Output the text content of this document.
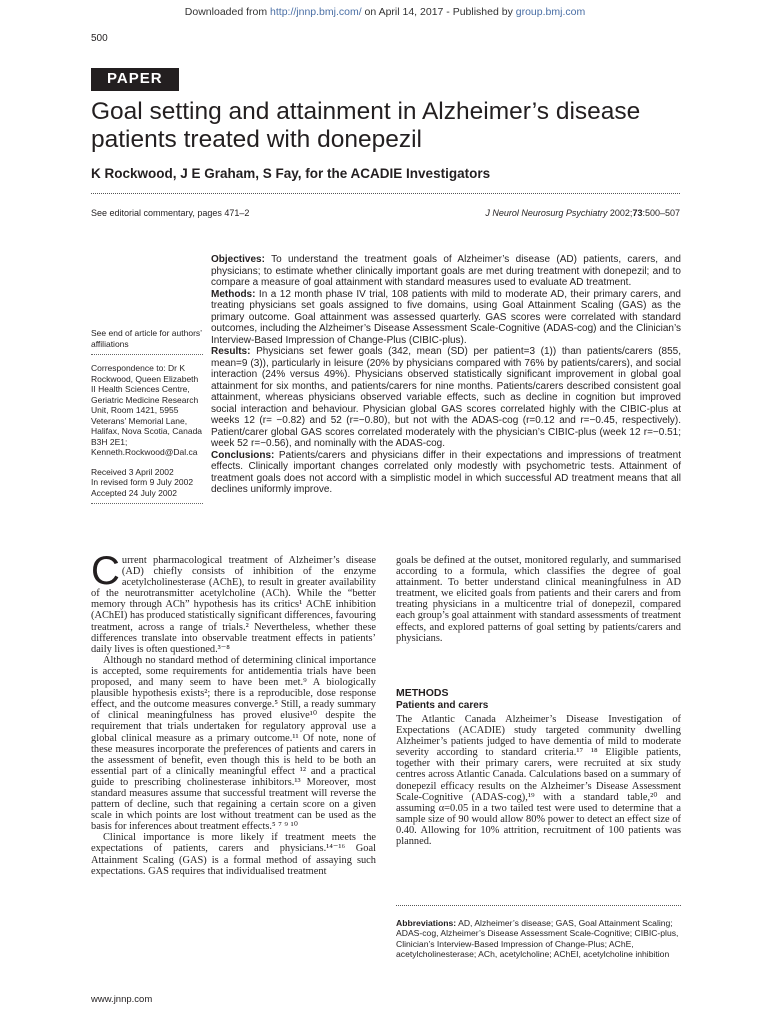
Downloaded from http://jnnp.bmj.com/ on April 14, 2017 - Published by group.bmj.com
500
PAPER
Goal setting and attainment in Alzheimer’s disease patients treated with donepezil
K Rockwood, J E Graham, S Fay, for the ACADIE Investigators
See editorial commentary, pages 471–2	J Neurol Neurosurg Psychiatry 2002;73:500–507

See end of article for authors’ affiliations

Correspondence to: Dr K Rockwood, Queen Elizabeth II Health Sciences Centre, Geriatric Medicine Research Unit, Room 1421, 5955 Veterans’ Memorial Lane, Halifax, Nova Scotia, Canada B3H 2E1; Kenneth.Rockwood@Dal.ca

Received 3 April 2002

In revised form 9 July 2002

Accepted 24 July 2002

Objectives: To understand the treatment goals of Alzheimer’s disease (AD) patients, carers, and physicians; to estimate whether clinically important goals are met during treatment with donepezil; and to compare a measure of goal attainment with standard measures used to evaluate AD treatment.

Methods: In a 12 month phase IV trial, 108 patients with mild to moderate AD, their primary carers, and treating physicians set goals assigned to five domains, using Goal Attainment Scaling (GAS) as the primary outcome. Goal attainment was assessed quarterly. GAS scores were correlated with standard outcomes, including the Alzheimer’s Disease Assessment Scale-Cognitive (ADAS-cog) and the Clinician’s Interview-Based Impression of Change-Plus (CIBIC-plus).

Results: Physicians set fewer goals (342, mean (SD) per patient=3 (1)) than patients/carers (855, mean=9 (3)), particularly in leisure (20% by physicians compared with 76% by patients/carers), and social interaction (24% versus 49%). Physicians observed statistically significant improvement in global goal attainment for six months, and patients/carers for nine months. Patients/carers described consistent goal attainment, whereas physicians observed variable effects, such as decline in cognition but improved social interaction and behaviour. Physician global GAS scores correlated highly with the CIBIC-plus at weeks 12 (r= −0.82) and 52 (r=−0.80), but not with the ADAS-cog (r=0.12 and r=−0.45, respectively). Patient/carer global GAS scores correlated moderately with the physician’s CIBIC-plus (week 12 r=−0.51; week 52 r=−0.56), and nominally with the ADAS-cog.

Conclusions: Patients/carers and physicians differ in their expectations and impressions of treatment effects. Clinically important changes correlated only modestly with psychometric tests. Attainment of treatment goals does not accord with a simplistic model in which successful AD treatment means that all declines uniformly improve.

Current pharmacological treatment of Alzheimer’s disease (AD) chiefly consists of inhibition of the enzyme acetylcholinesterase (AChE), to result in greater availability of the neurotransmitter acetylcholine (ACh). While the “better memory through ACh” hypothesis has its critics¹ AChE inhibition (AChEI) has produced statistically significant differences, favouring treatment, across a range of trials.² Nevertheless, whether these differences translate into observable treatment effects in patients’ daily lives is often questioned.³⁻⁸

Although no standard method of determining clinical importance is accepted, some requirements for antidementia trials have been proposed, and many seem to have been met.⁹ A biologically plausible hypothesis exists²; there is a reproducible, dose response effect, and the outcome measures converge.⁵ Still, a ready summary of clinical meaningfulness has proved elusive¹⁰ despite the requirement that trials undertaken for regulatory approval use a global clinical measure as a primary outcome.¹¹ Of note, none of these measures incorporate the preferences of patients and carers in the assessment of benefit, even though this is held to be both an essential part of a clinically meaningful effect ¹² and a practical guide to prescribing cholinesterase inhibitors.¹³ Moreover, most standard measures assume that successful treatment will reverse the pattern of decline, such that regaining a certain score on a given scale in which points are lost without treatment can be used as the basis for inferences about treatment effects.⁵ ⁷ ⁹ ¹⁰

Clinical importance is more likely if treatment meets the expectations of patients, carers and physicians.¹⁴⁻¹⁶ Goal Attainment Scaling (GAS) is a formal method of assaying such expectations. GAS requires that individualised treatment

goals be defined at the outset, monitored regularly, and summarised according to a formula, which classifies the degree of goal attainment. To better understand clinical meaningfulness in AD treatment, we elicited goals from patients and their carers and from treating physicians in a multicentre trial of donepezil, compared each group’s goal attainment with standard assessments of treatment effects, and explored patterns of goal setting by patients/carers and physicians.

METHODS
Patients and carers

The Atlantic Canada Alzheimer’s Disease Investigation of Expectations (ACADIE) study targeted community dwelling Alzheimer’s patients judged to have dementia of mild to moderate severity according to standard criteria.¹⁷ ¹⁸ Eligible patients, together with their primary carers, were recruited at six study centres across Atlantic Canada. Calculations based on a summary of donepezil efficacy results on the Alzheimer’s Disease Assessment Scale-Cognitive (ADAS-cog),¹⁹ with a standard table,²⁰ and assuming α=0.05 in a two tailed test were used to determine that a sample size of 90 would allow 80% power to detect an effect size of 0.40. Allowing for 10% attrition, recruitment of 100 patients was planned.

Abbreviations: AD, Alzheimer’s disease; GAS, Goal Attainment Scaling; ADAS-cog, Alzheimer’s Disease Assessment Scale-Cognitive; CIBIC-plus, Clinician’s Interview-Based Impression of Change-Plus; AChE, acetylcholinesterase; ACh, acetylcholine; AChEI, acetylcholine inhibition
www.jnnp.com
